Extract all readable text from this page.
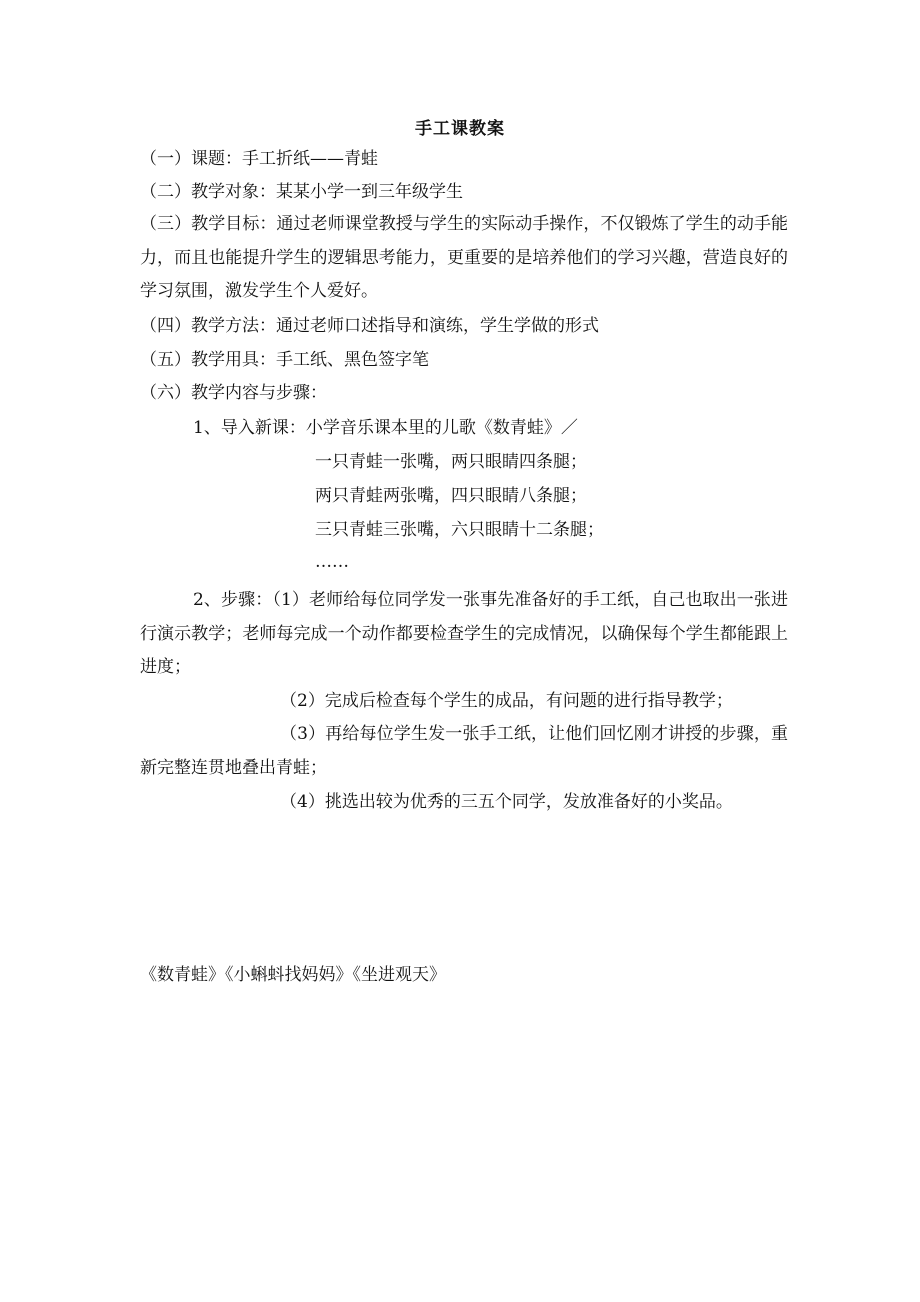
手工课教案
（一）课题：手工折纸——青蛙
（二）教学对象：某某小学一到三年级学生
（三）教学目标：通过老师课堂教授与学生的实际动手操作，不仅锻炼了学生的动手能力，而且也能提升学生的逻辑思考能力，更重要的是培养他们的学习兴趣，营造良好的学习氛围，激发学生个人爱好。
（四）教学方法：通过老师口述指导和演练，学生学做的形式
（五）教学用具：手工纸、黑色签字笔
（六）教学内容与步骤：
1、导入新课：小学音乐课本里的儿歌《数青蛙》／
一只青蛙一张嘴，两只眼睛四条腿；
两只青蛙两张嘴，四只眼睛八条腿；
三只青蛙三张嘴，六只眼睛十二条腿；
……
2、步骤：（1）老师给每位同学发一张事先准备好的手工纸，自己也取出一张进行演示教学；老师每完成一个动作都要检查学生的完成情况，以确保每个学生都能跟上进度；
（2）完成后检查每个学生的成品，有问题的进行指导教学；
（3）再给每位学生发一张手工纸，让他们回忆刚才讲授的步骤，重新完整连贯地叠出青蛙；
（4）挑选出较为优秀的三五个同学，发放准备好的小奖品。
《数青蛙》《小蝌蚪找妈妈》《坐进观天》
